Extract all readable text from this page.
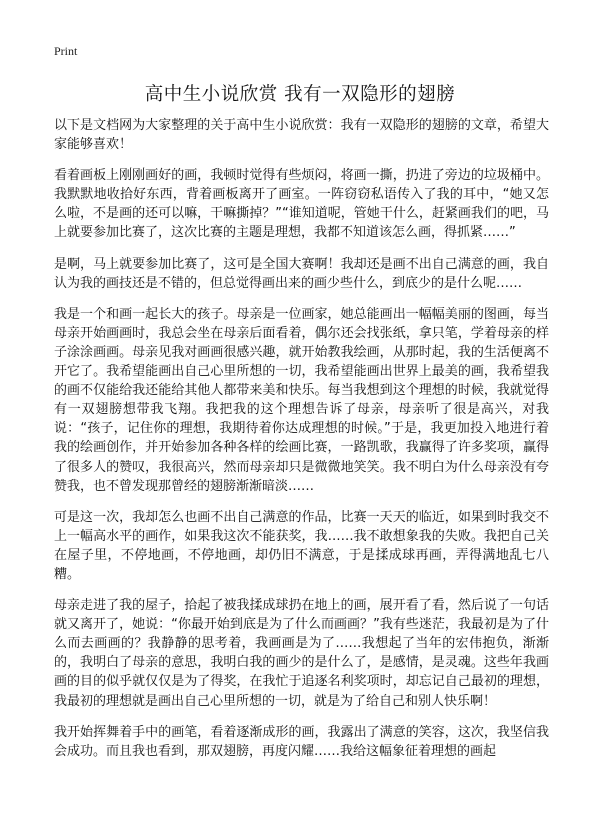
Print
高中生小说欣赏 我有一双隐形的翅膀

以下是文档网为大家整理的关于高中生小说欣赏：我有一双隐形的翅膀的文章，希望大家能够喜欢！

看着画板上刚刚画好的画，我顿时觉得有些烦闷，将画一撕，扔进了旁边的垃圾桶中。我默默地收拾好东西，背着画板离开了画室。一阵窃窃私语传入了我的耳中，“她又怎么啦，不是画的还可以嘛，干嘛撕掉？”“谁知道呢，管她干什么，赶紧画我们的吧，马上就要参加比赛了，这次比赛的主题是理想，我都不知道该怎么画，得抓紧……”

是啊，马上就要参加比赛了，这可是全国大赛啊！我却还是画不出自己满意的画，我自认为我的画技还是不错的，但总觉得画出来的画少些什么，到底少的是什么呢……

我是一个和画一起长大的孩子。母亲是一位画家，她总能画出一幅幅美丽的图画，每当母亲开始画画时，我总会坐在母亲后面看着，偶尔还会找张纸，拿只笔，学着母亲的样子涂涂画画。母亲见我对画画很感兴趣，就开始教我绘画，从那时起，我的生活便离不开它了。我希望能画出自己心里所想的一切，我希望能画出世界上最美的画，我希望我的画不仅能给我还能给其他人都带来美和快乐。每当我想到这个理想的时候，我就觉得有一双翅膀想带我飞翔。我把我的这个理想告诉了母亲，母亲听了很是高兴，对我说：“孩子，记住你的理想，我期待着你达成理想的时候。”于是，我更加投入地进行着我的绘画创作，并开始参加各种各样的绘画比赛，一路凯歌，我赢得了许多奖项，赢得了很多人的赞叹，我很高兴，然而母亲却只是微微地笑笑。我不明白为什么母亲没有夸赞我，也不曾发现那曾经的翅膀渐渐暗淡……

可是这一次，我却怎么也画不出自己满意的作品，比赛一天天的临近，如果到时我交不上一幅高水平的画作，如果我这次不能获奖，我……我不敢想象我的失败。我把自己关在屋子里，不停地画，不停地画，却仍旧不满意，于是揉成球再画，弄得满地乱七八糟。

母亲走进了我的屋子，拾起了被我揉成球扔在地上的画，展开看了看，然后说了一句话就又离开了，她说：“你最开始到底是为了什么而画画？”我有些迷茫，我最初是为了什么而去画画的？我静静的思考着，我画画是为了……我想起了当年的宏伟抱负，渐渐的，我明白了母亲的意思，我明白我的画少的是什么了，是感情，是灵魂。这些年我画画的目的似乎就仅仅是为了得奖，在我忙于追逐名利奖项时，却忘记自己最初的理想，我最初的理想就是画出自己心里所想的一切，就是为了给自己和别人快乐啊！

我开始挥舞着手中的画笔，看着逐渐成形的画，我露出了满意的笑容，这次，我坚信我会成功。而且我也看到，那双翅膀，再度闪耀……我给这幅象征着理想的画起
